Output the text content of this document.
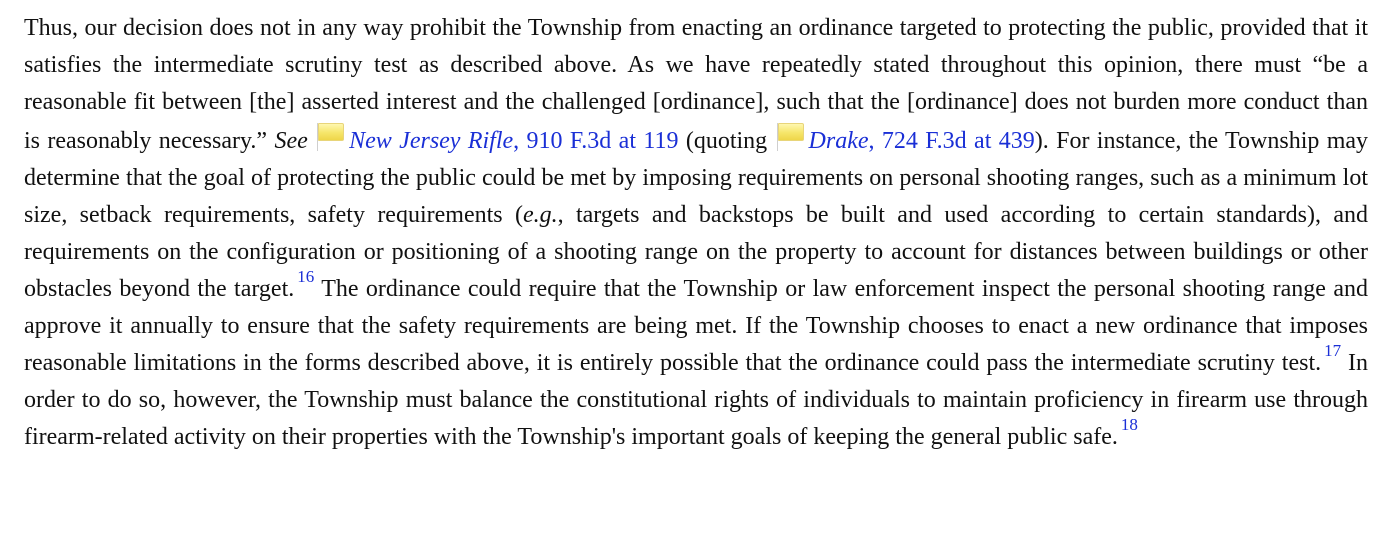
Thus, our decision does not in any way prohibit the Township from enacting an ordinance targeted to protecting the public, provided that it satisfies the intermediate scrutiny test as described above. As we have repeatedly stated throughout this opinion, there must “be a reasonable fit between [the] asserted interest and the challenged [ordinance], such that the [ordinance] does not burden more conduct than is reasonably necessary.” See New Jersey Rifle, 910 F.3d at 119 (quoting Drake, 724 F.3d at 439). For instance, the Township may determine that the goal of protecting the public could be met by imposing requirements on personal shooting ranges, such as a minimum lot size, setback requirements, safety requirements (e.g., targets and backstops be built and used according to certain standards), and requirements on the configuration or positioning of a shooting range on the property to account for distances between buildings or other obstacles beyond the target. $^{16}$ The ordinance could require that the Township or law enforcement inspect the personal shooting range and approve it annually to ensure that the safety requirements are being met. If the Township chooses to enact a new ordinance that imposes reasonable limitations in the forms described above, it is entirely possible that the ordinance could pass the intermediate scrutiny test. $^{17}$ In order to do so, however, the Township must balance the constitutional rights of individuals to maintain proficiency in firearm use through firearm-related activity on their properties with the Township's important goals of keeping the general public safe. $^{18}$
